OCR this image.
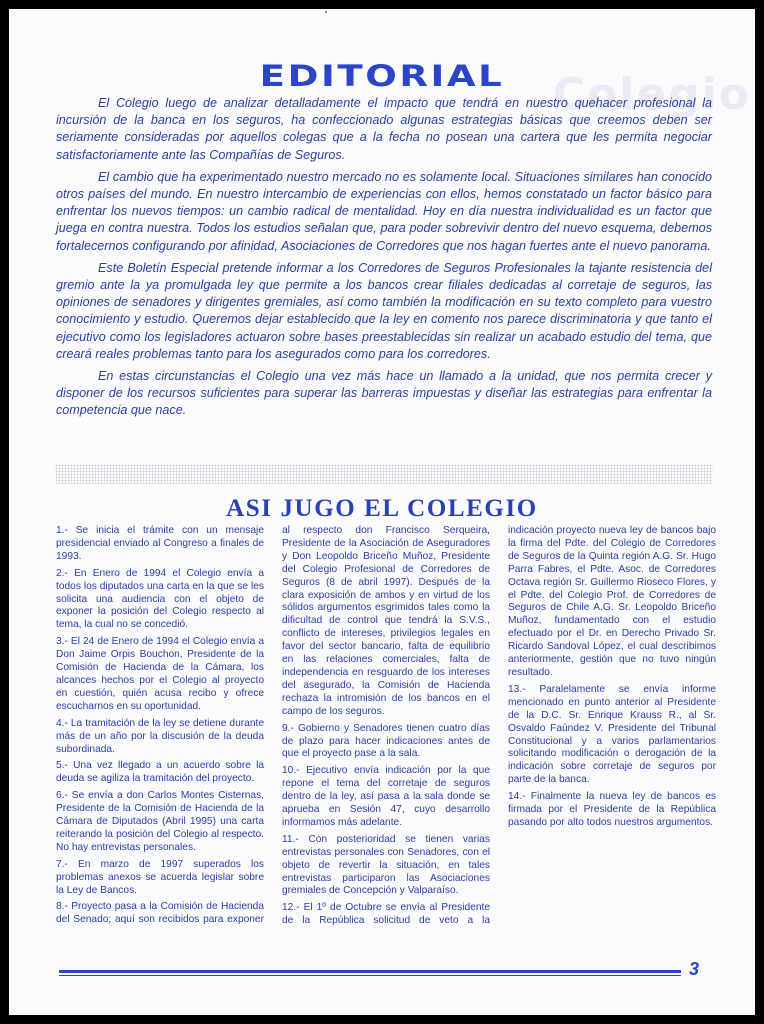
Colegio
EDITORIAL

El Colegio luego de analizar detalladamente el impacto que tendrá en nuestro quehacer profesional la incursión de la banca en los seguros, ha confeccionado algunas estrategias básicas que creemos deben ser seriamente consideradas por aquellos colegas que a la fecha no posean una cartera que les permita negociar satisfactoriamente ante las Compañías de Seguros.

El cambio que ha experimentado nuestro mercado no es solamente local. Situaciones similares han conocido otros países del mundo. En nuestro intercambio de experiencias con ellos, hemos constatado un factor básico para enfrentar los nuevos tiempos: un cambio radical de mentalidad. Hoy en día nuestra individualidad es un factor que juega en contra nuestra. Todos los estudios señalan que, para poder sobrevivir dentro del nuevo esquema, debemos fortalecernos configurando por afinidad, Asociaciones de Corredores que nos hagan fuertes ante el nuevo panorama.

Este Boletín Especial pretende informar a los Corredores de Seguros Profesionales la tajante resistencia del gremio ante la ya promulgada ley que permite a los bancos crear filiales dedicadas al corretaje de seguros, las opiniones de senadores y dirigentes gremiales, así como también la modificación en su texto completo para vuestro conocimiento y estudio. Queremos dejar establecido que la ley en comento nos parece discriminatoria y que tanto el ejecutivo como los legisladores actuaron sobre bases preestablecidas sin realizar un acabado estudio del tema, que creará reales problemas tanto para los asegurados como para los corredores.

En estas circunstancias el Colegio una vez más hace un llamado a la unidad, que nos permita crecer y disponer de los recursos suficientes para superar las barreras impuestas y diseñar las estrategias para enfrentar la competencia que nace.

ASI JUGO EL COLEGIO

1.- Se inicia el trámite con un mensaje presidencial enviado al Congreso a finales de 1993.

2.- En Enero de 1994 el Colegio envía a todos los diputados una carta en la que se les solicita una audiencia con el objeto de exponer la posición del Colegio respecto al tema, la cual no se concedió.

3.- El 24 de Enero de 1994 el Colegio envía a Don Jaime Orpis Bouchon, Presidente de la Comisión de Hacienda de la Cámara, los alcances hechos por el Colegio al proyecto en cuestión, quién acusa recibo y ofrece escucharnos en su oportunidad.

4.- La tramitación de la ley se detiene durante más de un año por la discusión de la deuda subordinada.

5.- Una vez llegado a un acuerdo sobre la deuda se agiliza la tramitación del proyecto.

6.- Se envía a don Carlos Montes Cisternas, Presidente de la Comisión de Hacienda de la Cámara de Diputados (Abril 1995) una carta reiterando la posición del Colegio al respecto. No hay entrevistas personales.

7.- En marzo de 1997 superados los problemas anexos se acuerda legislar sobre la Ley de Bancos.

8.- Proyecto pasa a la Comisión de Hacienda del Senado; aquí son recibidos para exponer al respecto don Francisco Serqueira, Presidente de la Asociación de Aseguradores y Don Leopoldo Briceño Muñoz, Presidente del Colegio Profesional de Corredores de Seguros (8 de abril 1997). Después de la clara exposición de ambos y en virtud de los sólidos argumentos esgrimidos tales como la dificultad de control que tendrá la S.V.S., conflicto de intereses, privilegios legales en favor del sector bancario, falta de equilibrio en las relaciones comerciales, falta de independencia en resguardo de los intereses del asegurado, la Comisión de Hacienda rechaza la intromisión de los bancos en el campo de los seguros.

9.- Gobierno y Senadores tienen cuatro días de plazo para hacer indicaciones antes de que el proyecto pase a la sala.

10.- Ejecutivo envía indicación por la que repone el tema del corretaje de seguros dentro de la ley, así pasa a la sala donde se aprueba en Sesión 47, cuyo desarrollo informamos más adelante.

11.- Con posterioridad se tienen varias entrevistas personales con Senadores, con el objeto de revertir la situación, en tales entrevistas participaron las Asociaciones gremiales de Concepción y Valparaíso.

12.- El 1º de Octubre se envía al Presidente de la República solicitud de veto a la indicación proyecto nueva ley de bancos bajo la firma del Pdte. del Colegio de Corredores de Seguros de la Quinta región A.G. Sr. Hugo Parra Fabres, el Pdte. Asoc. de Corredores Octava región Sr. Guillermo Rioseco Flores, y el Pdte. del Colegio Prof. de Corredores de Seguros de Chile A.G. Sr. Leopoldo Briceño Muñoz, fundamentado con el estudio efectuado por el Dr. en Derecho Privado Sr. Ricardo Sandoval López, el cual describimos anteriormente, gestión que no tuvo ningún resultado.

13.- Paralelamente se envía informe mencionado en punto anterior al Presidente de la D.C. Sr. Enrique Krauss R., al Sr. Osvaldo Faúndez V. Presidente del Tribunal Constitucional y a varios parlamentarios solicitando modificación o derogación de la indicación sobre corretaje de seguros por parte de la banca.

14.- Finalmente la nueva ley de bancos es firmada por el Presidente de la República pasando por alto todos nuestros argumentos.

3
